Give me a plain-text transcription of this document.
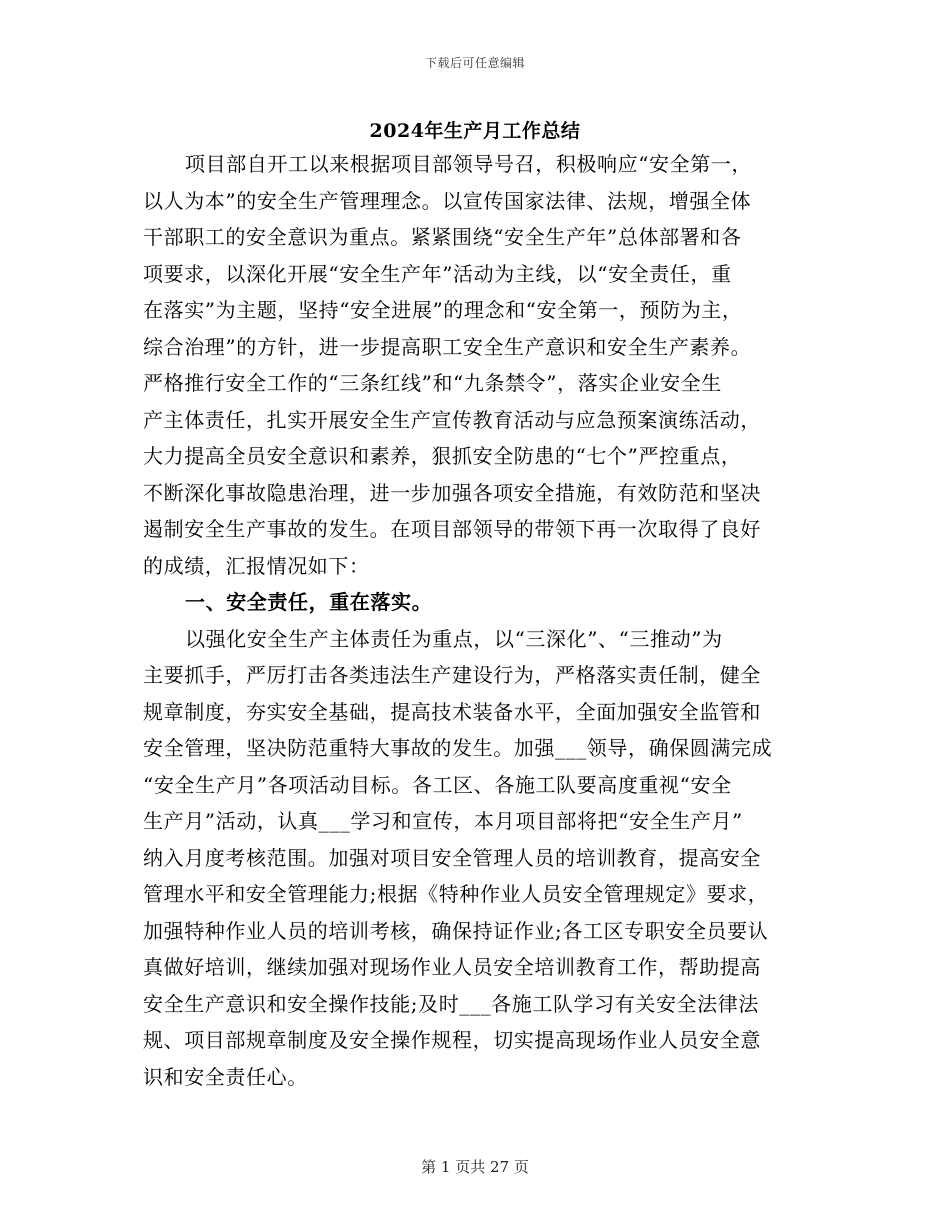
下载后可任意编辑
2024年生产月工作总结
项目部自开工以来根据项目部领导号召，积极响应“安全第一，
以人为本”的安全生产管理理念。以宣传国家法律、法规，增强全体
干部职工的安全意识为重点。紧紧围绕“安全生产年”总体部署和各
项要求，以深化开展“安全生产年”活动为主线，以“安全责任，重
在落实”为主题，坚持“安全进展”的理念和“安全第一，预防为主，
综合治理”的方针，进一步提高职工安全生产意识和安全生产素养。
严格推行安全工作的“三条红线”和“九条禁令”，落实企业安全生
产主体责任，扎实开展安全生产宣传教育活动与应急预案演练活动，
大力提高全员安全意识和素养，狠抓安全防患的“七个”严控重点，
不断深化事故隐患治理，进一步加强各项安全措施，有效防范和坚决
遏制安全生产事故的发生。在项目部领导的带领下再一次取得了良好
的成绩，汇报情况如下：
一、安全责任，重在落实。
以强化安全生产主体责任为重点，以“三深化”、“三推动”为
主要抓手，严厉打击各类违法生产建设行为，严格落实责任制，健全
规章制度，夯实安全基础，提高技术装备水平，全面加强安全监管和
安全管理，坚决防范重特大事故的发生。加强___领导，确保圆满完成
“安全生产月”各项活动目标。各工区、各施工队要高度重视“安全
生产月”活动，认真___学习和宣传，本月项目部将把“安全生产月”
纳入月度考核范围。加强对项目安全管理人员的培训教育，提高安全
管理水平和安全管理能力;根据《特种作业人员安全管理规定》要求，
加强特种作业人员的培训考核，确保持证作业;各工区专职安全员要认
真做好培训，继续加强对现场作业人员安全培训教育工作，帮助提高
安全生产意识和安全操作技能;及时___各施工队学习有关安全法律法
规、项目部规章制度及安全操作规程，切实提高现场作业人员安全意
识和安全责任心。
第 1 页共 27 页
